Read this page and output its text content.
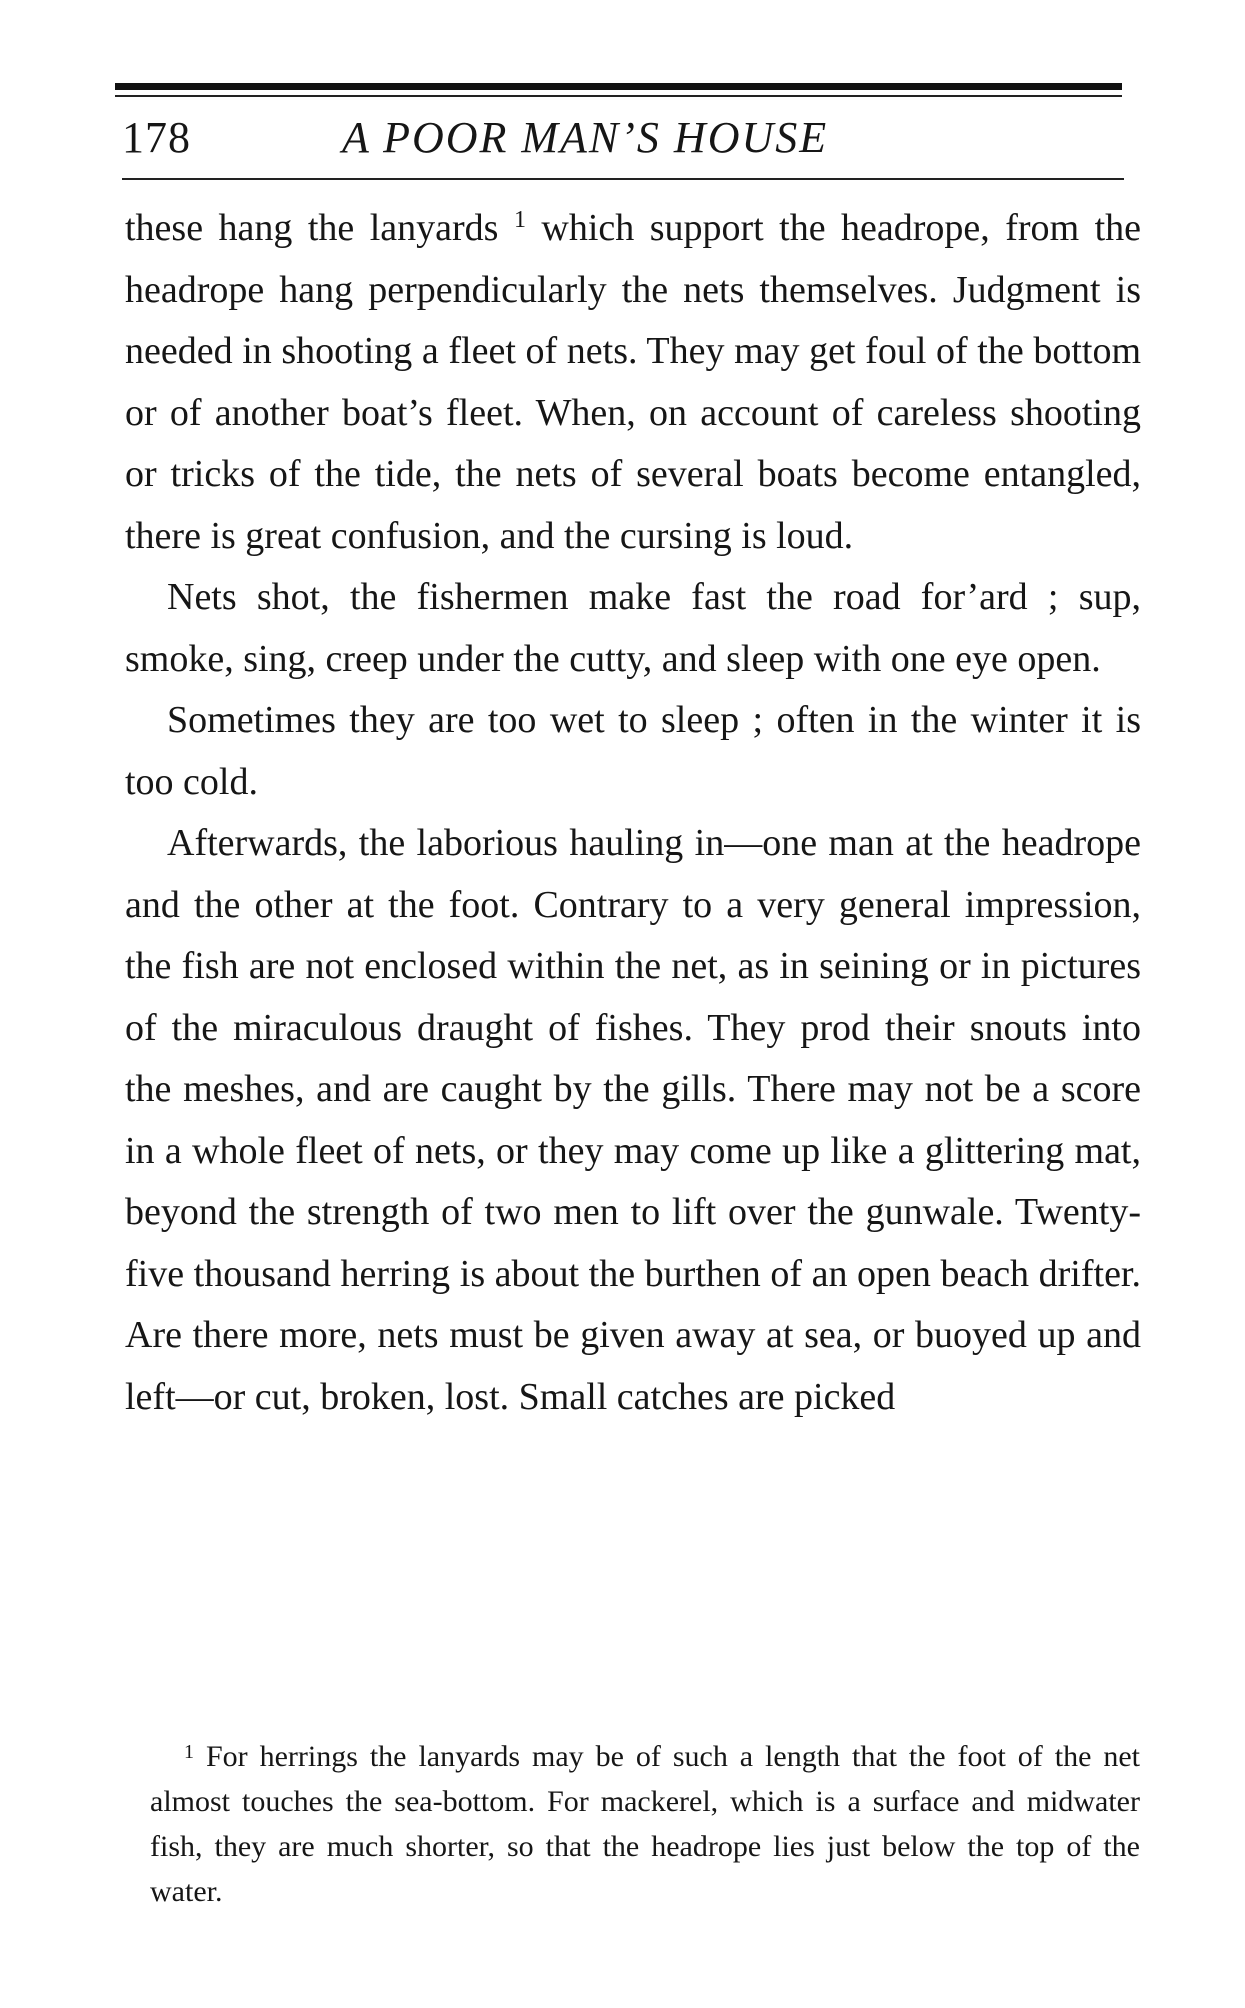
178	A POOR MAN’S HOUSE

these hang the lanyards $^1$ which support the headrope, from the headrope hang perpendicularly the nets themselves. Judgment is needed in shooting a fleet of nets. They may get foul of the bottom or of another boat’s fleet. When, on account of careless shooting or tricks of the tide, the nets of several boats become entangled, there is great confusion, and the cursing is loud.

Nets shot, the fishermen make fast the road for’ard ; sup, smoke, sing, creep under the cutty, and sleep with one eye open.

Sometimes they are too wet to sleep ; often in the winter it is too cold.

Afterwards, the laborious hauling in—one man at the headrope and the other at the foot. Contrary to a very general impression, the fish are not enclosed within the net, as in seining or in pictures of the miraculous draught of fishes. They prod their snouts into the meshes, and are caught by the gills. There may not be a score in a whole fleet of nets, or they may come up like a glittering mat, beyond the strength of two men to lift over the gunwale. Twenty-five thousand herring is about the burthen of an open beach drifter. Are there more, nets must be given away at sea, or buoyed up and left—or cut, broken, lost. Small catches are picked

$^1$ For herrings the lanyards may be of such a length that the foot of the net almost touches the sea-bottom. For mackerel, which is a surface and midwater fish, they are much shorter, so that the headrope lies just below the top of the water.
